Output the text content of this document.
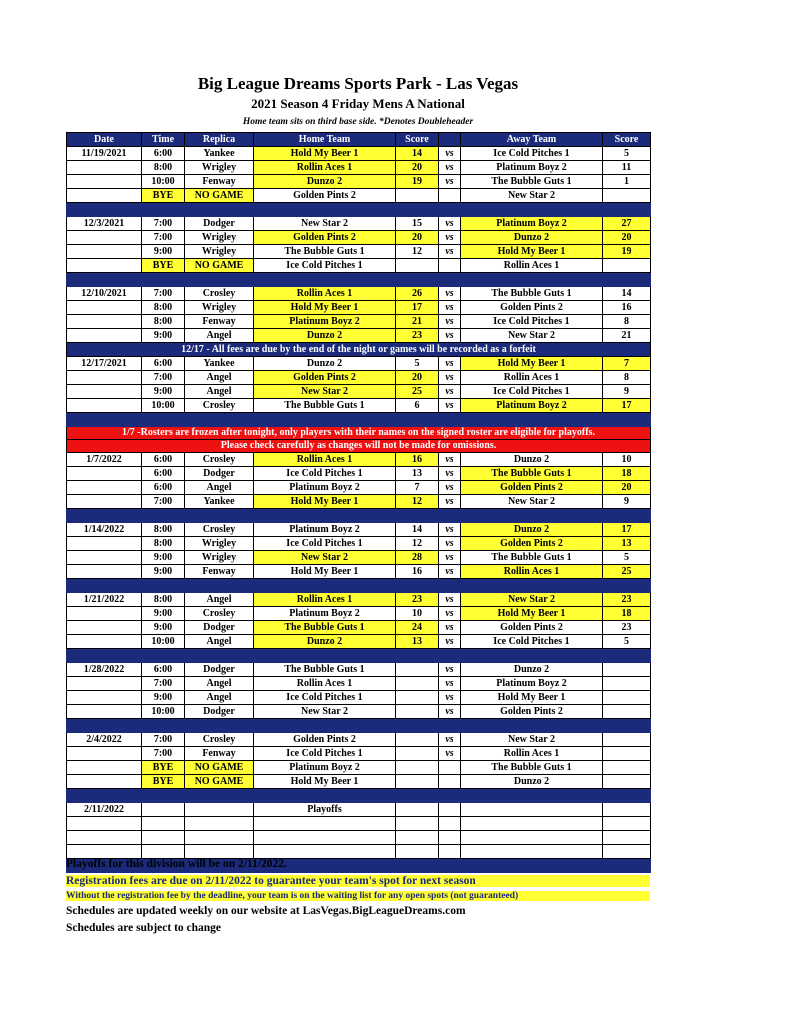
Big League Dreams Sports Park - Las Vegas
2021 Season 4 Friday Mens A National
Home team sits on third base side. *Denotes Doubleheader
Date	Time	Replica	Home Team	Score		Away Team	Score
11/19/2021	6:00	Yankee	Hold My Beer 1	14	vs	Ice Cold Pitches 1	5
	8:00	Wrigley	Rollin Aces 1	20	vs	Platinum Boyz 2	11
	10:00	Fenway	Dunzo 2	19	vs	The Bubble Guts 1	1
	BYE	NO GAME	Golden Pints 2			New Star 2	

12/3/2021	7:00	Dodger	New Star 2	15	vs	Platinum Boyz 2	27
	7:00	Wrigley	Golden Pints 2	20	vs	Dunzo 2	20
	9:00	Wrigley	The Bubble Guts 1	12	vs	Hold My Beer 1	19
	BYE	NO GAME	Ice Cold Pitches 1			Rollin Aces 1	

12/10/2021	7:00	Crosley	Rollin Aces 1	26	vs	The Bubble Guts 1	14
	8:00	Wrigley	Hold My Beer 1	17	vs	Golden Pints 2	16
	8:00	Fenway	Platinum Boyz 2	21	vs	Ice Cold Pitches 1	8
	9:00	Angel	Dunzo 2	23	vs	New Star 2	21
12/17 - All fees are due by the end of the night or games will be recorded as a forfeit							
12/17/2021	6:00	Yankee	Dunzo 2	5	vs	Hold My Beer 1	7
	7:00	Angel	Golden Pints 2	20	vs	Rollin Aces 1	8
	9:00	Angel	New Star 2	25	vs	Ice Cold Pitches 1	9
	10:00	Crosley	The Bubble Guts 1	6	vs	Platinum Boyz 2	17

1/7 -Rosters are frozen after tonight, only players with their names on the signed roster are eligible for playoffs.							
Please check carefully as changes will not be made for omissions.							
1/7/2022	6:00	Crosley	Rollin Aces 1	16	vs	Dunzo 2	10
	6:00	Dodger	Ice Cold Pitches 1	13	vs	The Bubble Guts 1	18
	6:00	Angel	Platinum Boyz 2	7	vs	Golden Pints 2	20
	7:00	Yankee	Hold My Beer 1	12	vs	New Star 2	9

1/14/2022	8:00	Crosley	Platinum Boyz 2	14	vs	Dunzo 2	17
	8:00	Wrigley	Ice Cold Pitches 1	12	vs	Golden Pints 2	13
	9:00	Wrigley	New Star 2	28	vs	The Bubble Guts 1	5
	9:00	Fenway	Hold My Beer 1	16	vs	Rollin Aces 1	25

1/21/2022	8:00	Angel	Rollin Aces 1	23	vs	New Star 2	23
	9:00	Crosley	Platinum Boyz 2	10	vs	Hold My Beer 1	18
	9:00	Dodger	The Bubble Guts 1	24	vs	Golden Pints 2	23
	10:00	Angel	Dunzo 2	13	vs	Ice Cold Pitches 1	5

1/28/2022	6:00	Dodger	The Bubble Guts 1		vs	Dunzo 2	
	7:00	Angel	Rollin Aces 1		vs	Platinum Boyz 2	
	9:00	Angel	Ice Cold Pitches 1		vs	Hold My Beer 1	
	10:00	Dodger	New Star 2		vs	Golden Pints 2	

2/4/2022	7:00	Crosley	Golden Pints 2		vs	New Star 2	
	7:00	Fenway	Ice Cold Pitches 1		vs	Rollin Aces 1	
	BYE	NO GAME	Platinum Boyz 2			The Bubble Guts 1	
	BYE	NO GAME	Hold My Beer 1			Dunzo 2	

2/11/2022			Playoffs				

Playoffs for this division will be on 2/11/2022.
Registration fees are due on 2/11/2022 to guarantee your team's spot for next season
Without the registration fee by the deadline, your team is on the waiting list for any open spots (not guaranteed)
Schedules are updated weekly on our website at LasVegas.BigLeagueDreams.com
Schedules are subject to change
